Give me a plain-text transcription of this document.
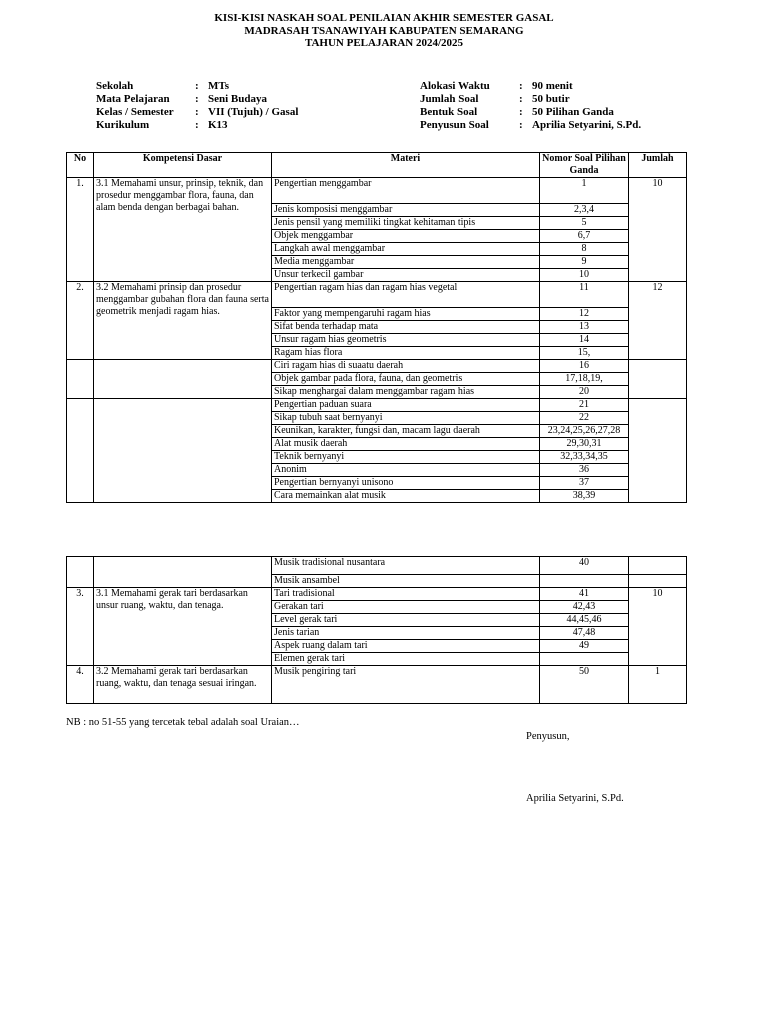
KISI-KISI NASKAH SOAL PENILAIAN AKHIR SEMESTER GASAL
MADRASAH TSANAWIYAH KABUPATEN SEMARANG
TAHUN PELAJARAN 2024/2025
Sekolah	: MTs
Mata Pelajaran	: Seni Budaya
Kelas / Semester	: VII (Tujuh) / Gasal
Kurikulum	: K13
Alokasi Waktu	: 90 menit
Jumlah Soal	: 50 butir
Bentuk Soal	: 50 Pilihan Ganda
Penyusun Soal	: Aprilia Setyarini, S.Pd.
No	Kompetensi Dasar	Materi	Nomor Soal Pilihan Ganda	Jumlah
1.	3.1 Memahami unsur, prinsip, teknik, dan prosedur menggambar flora, fauna, dan alam benda dengan berbagai bahan.	Pengertian menggambar	1	10
		Jenis komposisi menggambar	2,3,4	
		Jenis pensil yang memiliki tingkat kehitaman tipis	5	
		Objek menggambar	6,7	
		Langkah awal menggambar	8	
		Media menggambar	9	
		Unsur terkecil gambar	10	
2.	3.2 Memahami prinsip dan prosedur menggambar gubahan flora dan fauna serta geometrik menjadi ragam hias.	Pengertian ragam hias dan ragam hias vegetal	11	12
		Faktor yang mempengaruhi ragam hias	12	
		Sifat benda terhadap mata	13	
		Unsur ragam hias geometris	14	
		Ragam hias flora	15,	
		Ciri ragam hias di suaatu daerah	16	
		Objek gambar pada flora, fauna, dan geometris	17,18,19,	
		Sikap menghargai dalam menggambar ragam hias	20	
		Pengertian paduan suara	21	
		Sikap tubuh saat bernyanyi	22	
		Keunikan, karakter, fungsi dan, macam lagu daerah	23,24,25,26,27,28	
		Alat musik daerah	29,30,31	
		Teknik bernyanyi	32,33,34,35	
		Anonim	36	
		Pengertian bernyanyi unisono	37	
		Cara memainkan alat musik	38,39	
		Musik tradisional nusantara	40	
		Musik ansambel		
3.	3.1 Memahami gerak tari berdasarkan unsur ruang, waktu, dan tenaga.	Tari tradisional	41	10
		Gerakan tari	42,43	
		Level gerak tari	44,45,46	
		Jenis tarian	47,48	
		Aspek ruang dalam tari	49	
		Elemen gerak tari		
4.	3.2 Memahami gerak tari berdasarkan ruang, waktu, dan tenaga sesuai iringan.	Musik pengiring tari	50	1
NB : no 51-55 yang tercetak tebal adalah soal Uraian…
Penyusun,
Aprilia Setyarini, S.Pd.
